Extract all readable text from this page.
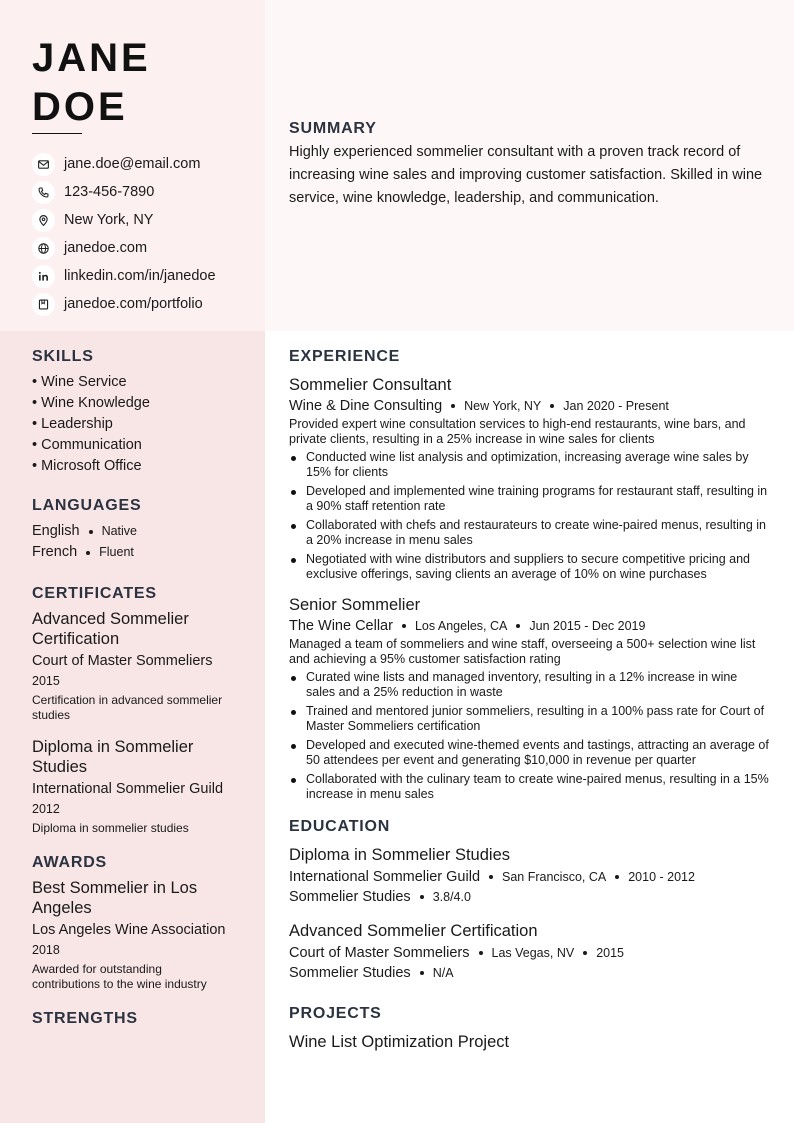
JANE
DOE
jane.doe@email.com
123-456-7890
New York, NY
janedoe.com
linkedin.com/in/janedoe
janedoe.com/portfolio
SUMMARY
Highly experienced sommelier consultant with a proven track record of increasing wine sales and improving customer satisfaction. Skilled in wine service, wine knowledge, leadership, and communication.
SKILLS
• Wine Service
• Wine Knowledge
• Leadership
• Communication
• Microsoft Office
LANGUAGES
English Native
French Fluent
CERTIFICATES
Advanced Sommelier Certification
Court of Master Sommeliers
2015
Certification in advanced sommelier studies
Diploma in Sommelier Studies
International Sommelier Guild
2012
Diploma in sommelier studies
AWARDS
Best Sommelier in Los Angeles
Los Angeles Wine Association
2018
Awarded for outstanding contributions to the wine industry
STRENGTHS
EXPERIENCE
Sommelier Consultant
Wine & Dine Consulting New York, NY Jan 2020 - Present
Provided expert wine consultation services to high-end restaurants, wine bars, and private clients, resulting in a 25% increase in wine sales for clients
Conducted wine list analysis and optimization, increasing average wine sales by 15% for clients
Developed and implemented wine training programs for restaurant staff, resulting in a 90% staff retention rate
Collaborated with chefs and restaurateurs to create wine-paired menus, resulting in a 20% increase in menu sales
Negotiated with wine distributors and suppliers to secure competitive pricing and exclusive offerings, saving clients an average of 10% on wine purchases
Senior Sommelier
The Wine Cellar Los Angeles, CA Jun 2015 - Dec 2019
Managed a team of sommeliers and wine staff, overseeing a 500+ selection wine list and achieving a 95% customer satisfaction rating
Curated wine lists and managed inventory, resulting in a 12% increase in wine sales and a 25% reduction in waste
Trained and mentored junior sommeliers, resulting in a 100% pass rate for Court of Master Sommeliers certification
Developed and executed wine-themed events and tastings, attracting an average of 50 attendees per event and generating $10,000 in revenue per quarter
Collaborated with the culinary team to create wine-paired menus, resulting in a 15% increase in menu sales
EDUCATION
Diploma in Sommelier Studies
International Sommelier Guild San Francisco, CA 2010 - 2012
Sommelier Studies 3.8/4.0
Advanced Sommelier Certification
Court of Master Sommeliers Las Vegas, NV 2015
Sommelier Studies N/A
PROJECTS
Wine List Optimization Project
